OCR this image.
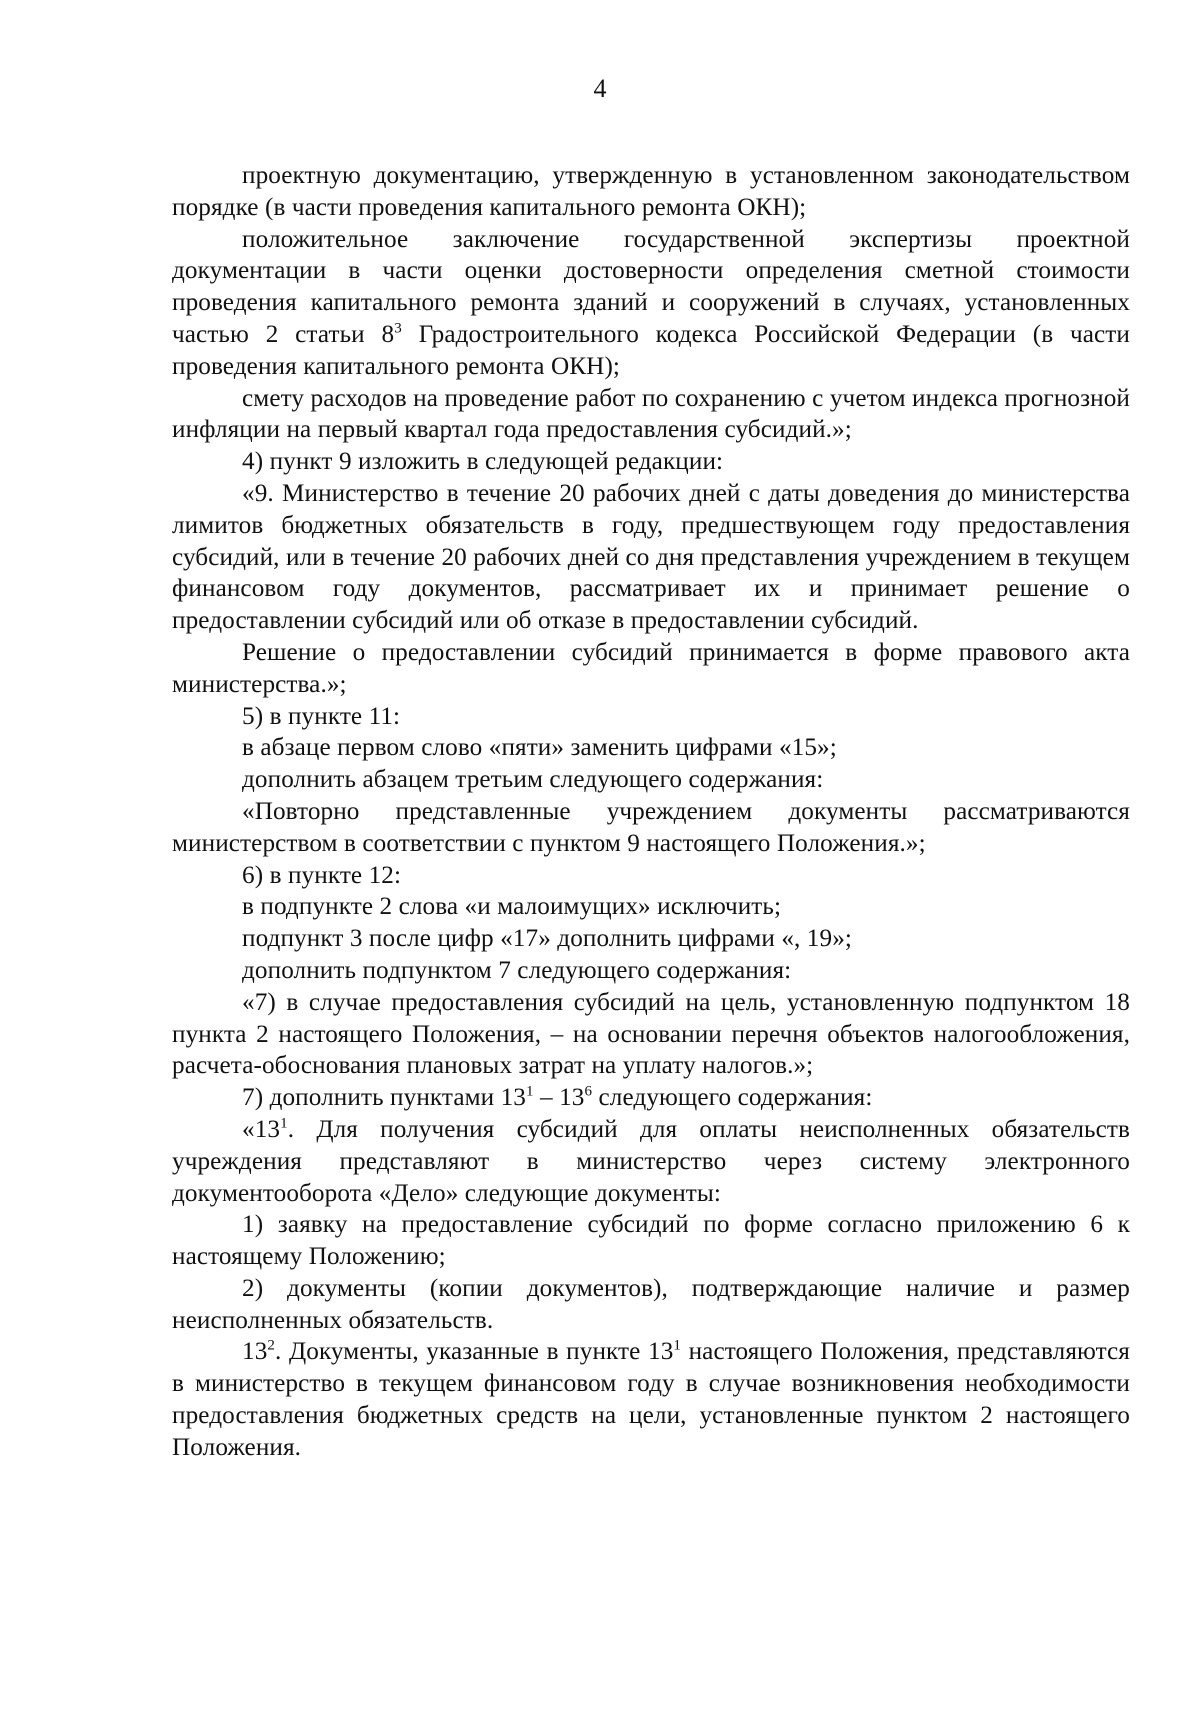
4

проектную документацию, утвержденную в установленном законодательством порядке (в части проведения капитального ремонта ОКН);

положительное заключение государственной экспертизы проектной документации в части оценки достоверности определения сметной стоимости проведения капитального ремонта зданий и сооружений в случаях, установленных частью 2 статьи $8^3$ Градостроительного кодекса Российской Федерации (в части проведения капитального ремонта ОКН);

смету расходов на проведение работ по сохранению с учетом индекса прогнозной инфляции на первый квартал года предоставления субсидий.»;

4) пункт 9 изложить в следующей редакции:

«9. Министерство в течение 20 рабочих дней с даты доведения до министерства лимитов бюджетных обязательств в году, предшествующем году предоставления субсидий, или в течение 20 рабочих дней со дня представления учреждением в текущем финансовом году документов, рассматривает их и принимает решение о предоставлении субсидий или об отказе в предоставлении субсидий.

Решение о предоставлении субсидий принимается в форме правового акта министерства.»;

5) в пункте 11:

в абзаце первом слово «пяти» заменить цифрами «15»;

дополнить абзацем третьим следующего содержания:

«Повторно представленные учреждением документы рассматриваются министерством в соответствии с пунктом 9 настоящего Положения.»;

6) в пункте 12:

в подпункте 2 слова «и малоимущих» исключить;

подпункт 3 после цифр «17» дополнить цифрами «, 19»;

дополнить подпунктом 7 следующего содержания:

«7) в случае предоставления субсидий на цель, установленную подпунктом 18 пункта 2 настоящего Положения, – на основании перечня объектов налогообложения, расчета-обоснования плановых затрат на уплату налогов.»;

7) дополнить пунктами $13^1 - 13^6$ следующего содержания:

«$13^1$. Для получения субсидий для оплаты неисполненных обязательств учреждения представляют в министерство через систему электронного документооборота «Дело» следующие документы:

1) заявку на предоставление субсидий по форме согласно приложению 6 к настоящему Положению;

2) документы (копии документов), подтверждающие наличие и размер неисполненных обязательств.

$13^2$. Документы, указанные в пункте $13^1$ настоящего Положения, представляются в министерство в текущем финансовом году в случае возникновения необходимости предоставления бюджетных средств на цели, установленные пунктом 2 настоящего Положения.
